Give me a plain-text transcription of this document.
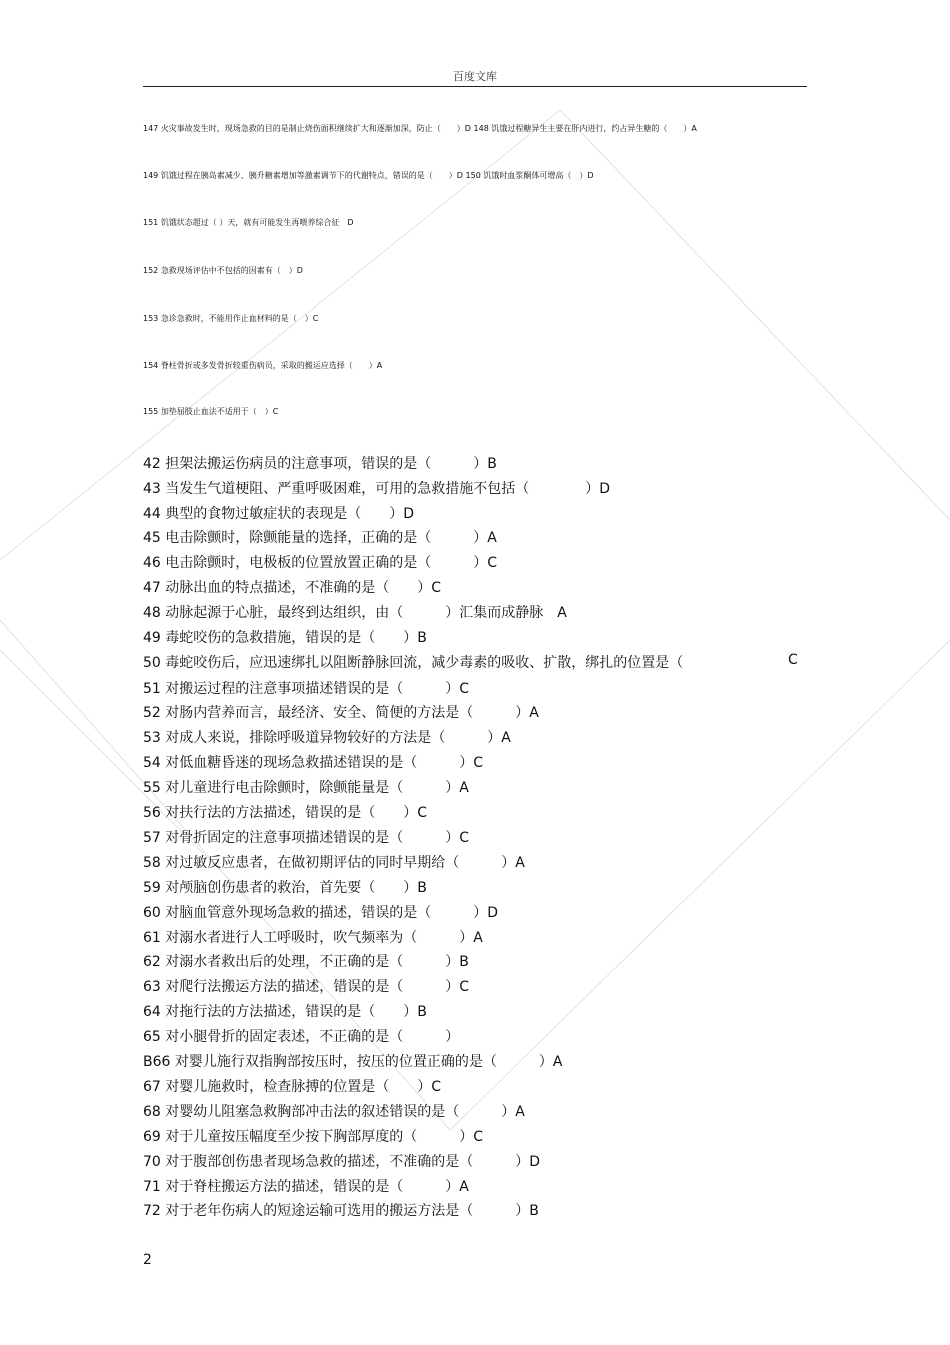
百度文库
147 火灾事故发生时，现场急救的目的是制止烧伤面积继续扩大和逐渐加深，防止（　　）D 148 饥饿过程糖异生主要在肝内进行，约占异生糖的（　　）A
149 饥饿过程在胰岛素减少、胰升糖素增加等激素调节下的代谢特点，错误的是（　　）D 150 饥饿时血浆酮体可增高（　）D
151 饥饿状态超过（ ）天，就有可能发生再喂养综合征　D
152 急救现场评估中不包括的因素有（　）D
153 急诊急救时，不能用作止血材料的是（　）C
154 脊柱骨折或多发骨折较重伤病员，采取的搬运应选择（　　）A
155 加垫屈肢止血法不适用于（　）C
42 担架法搬运伤病员的注意事项，错误的是（　　　）B
43 当发生气道梗阻、严重呼吸困难，可用的急救措施不包括（　　　　）D
44 典型的食物过敏症状的表现是（　　）D
45 电击除颤时，除颤能量的选择，正确的是（　　　）A
46 电击除颤时，电极板的位置放置正确的是（　　　）C
47 动脉出血的特点描述，不准确的是（　　）C
48 动脉起源于心脏，最终到达组织，由（　　　）汇集而成静脉　A
49 毒蛇咬伤的急救措施，错误的是（　　）B
50 毒蛇咬伤后，应迅速绑扎以阻断静脉回流，减少毒素的吸收、扩散，绑扎的位置是（	C
51 对搬运过程的注意事项描述错误的是（　　　）C
52 对肠内营养而言，最经济、安全、简便的方法是（　　　）A
53 对成人来说，排除呼吸道异物较好的方法是（　　　）A
54 对低血糖昏迷的现场急救描述错误的是（　　　）C
55 对儿童进行电击除颤时，除颤能量是（　　　）A
56 对扶行法的方法描述，错误的是（　　）C
57 对骨折固定的注意事项描述错误的是（　　　）C
58 对过敏反应患者，在做初期评估的同时早期给（　　　）A
59 对颅脑创伤患者的救治，首先要（　　）B
60 对脑血管意外现场急救的描述，错误的是（　　　）D
61 对溺水者进行人工呼吸时，吹气频率为（　　　）A
62 对溺水者救出后的处理，不正确的是（　　　）B
63 对爬行法搬运方法的描述，错误的是（　　　）C
64 对拖行法的方法描述，错误的是（　　）B
65 对小腿骨折的固定表述，不正确的是（　　　）
B66 对婴儿施行双指胸部按压时，按压的位置正确的是（　　　）A
67 对婴儿施救时，检查脉搏的位置是（　　）C
68 对婴幼儿阻塞急救胸部冲击法的叙述错误的是（　　　）A
69 对于儿童按压幅度至少按下胸部厚度的（　　　）C
70 对于腹部创伤患者现场急救的描述，不准确的是（　　　）D
71 对于脊柱搬运方法的描述，错误的是（　　　）A
72 对于老年伤病人的短途运输可选用的搬运方法是（　　　）B
2
